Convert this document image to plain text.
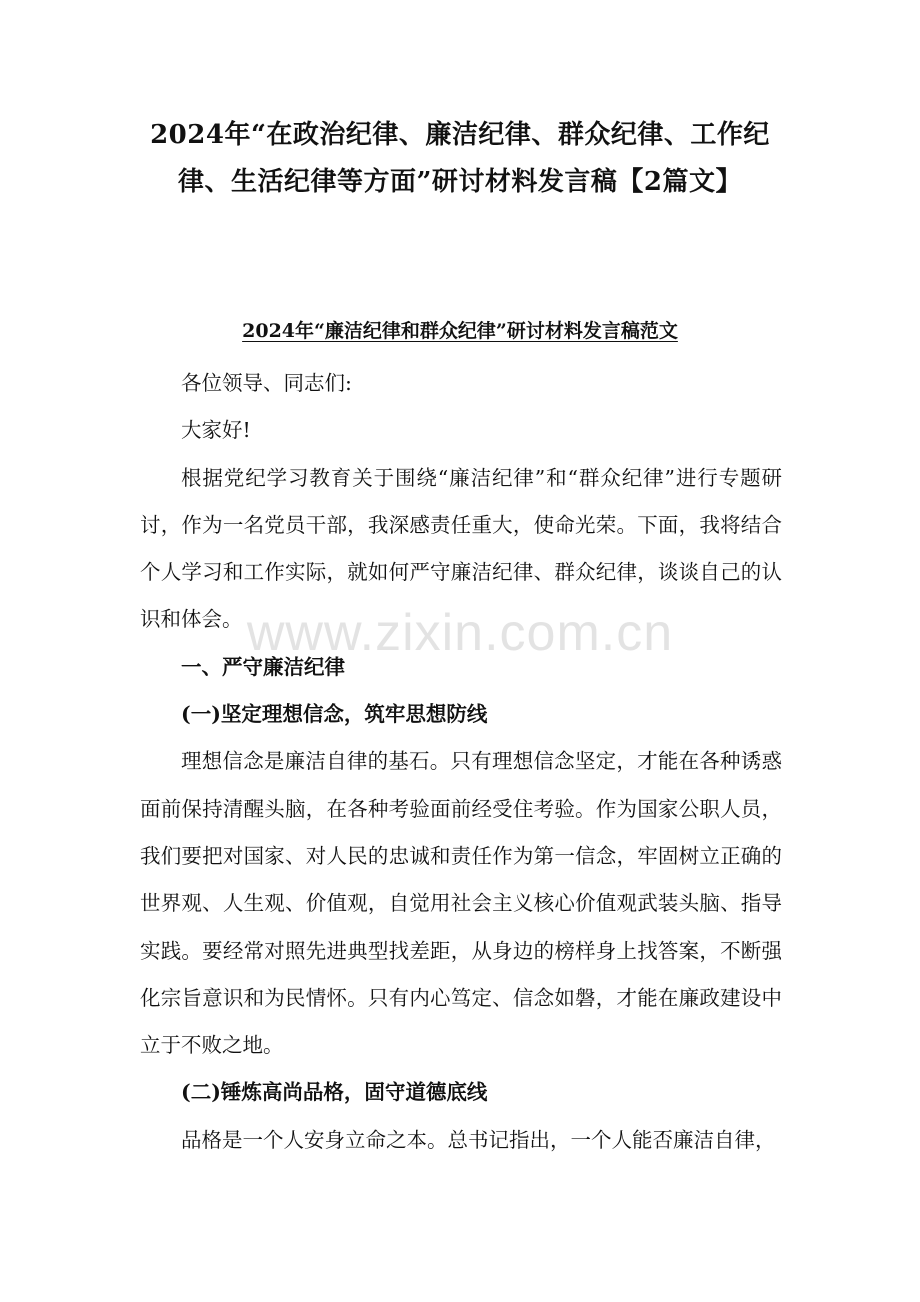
2024年“在政治纪律、廉洁纪律、群众纪律、工作纪律、生活纪律等方面”研讨材料发言稿【2篇文】
2024年“廉洁纪律和群众纪律”研讨材料发言稿范文

各位领导、同志们:

大家好!

根据党纪学习教育关于围绕“廉洁纪律”和“群众纪律”进行专题研讨，作为一名党员干部，我深感责任重大，使命光荣。下面，我将结合个人学习和工作实际，就如何严守廉洁纪律、群众纪律，谈谈自己的认识和体会。

一、严守廉洁纪律

(一)坚定理想信念，筑牢思想防线

理想信念是廉洁自律的基石。只有理想信念坚定，才能在各种诱惑面前保持清醒头脑，在各种考验面前经受住考验。作为国家公职人员，我们要把对国家、对人民的忠诚和责任作为第一信念，牢固树立正确的世界观、人生观、价值观，自觉用社会主义核心价值观武装头脑、指导实践。要经常对照先进典型找差距，从身边的榜样身上找答案，不断强化宗旨意识和为民情怀。只有内心笃定、信念如磐，才能在廉政建设中立于不败之地。

(二)锤炼高尚品格，固守道德底线

品格是一个人安身立命之本。总书记指出，一个人能否廉洁自律，

www.zixin.com.cn
